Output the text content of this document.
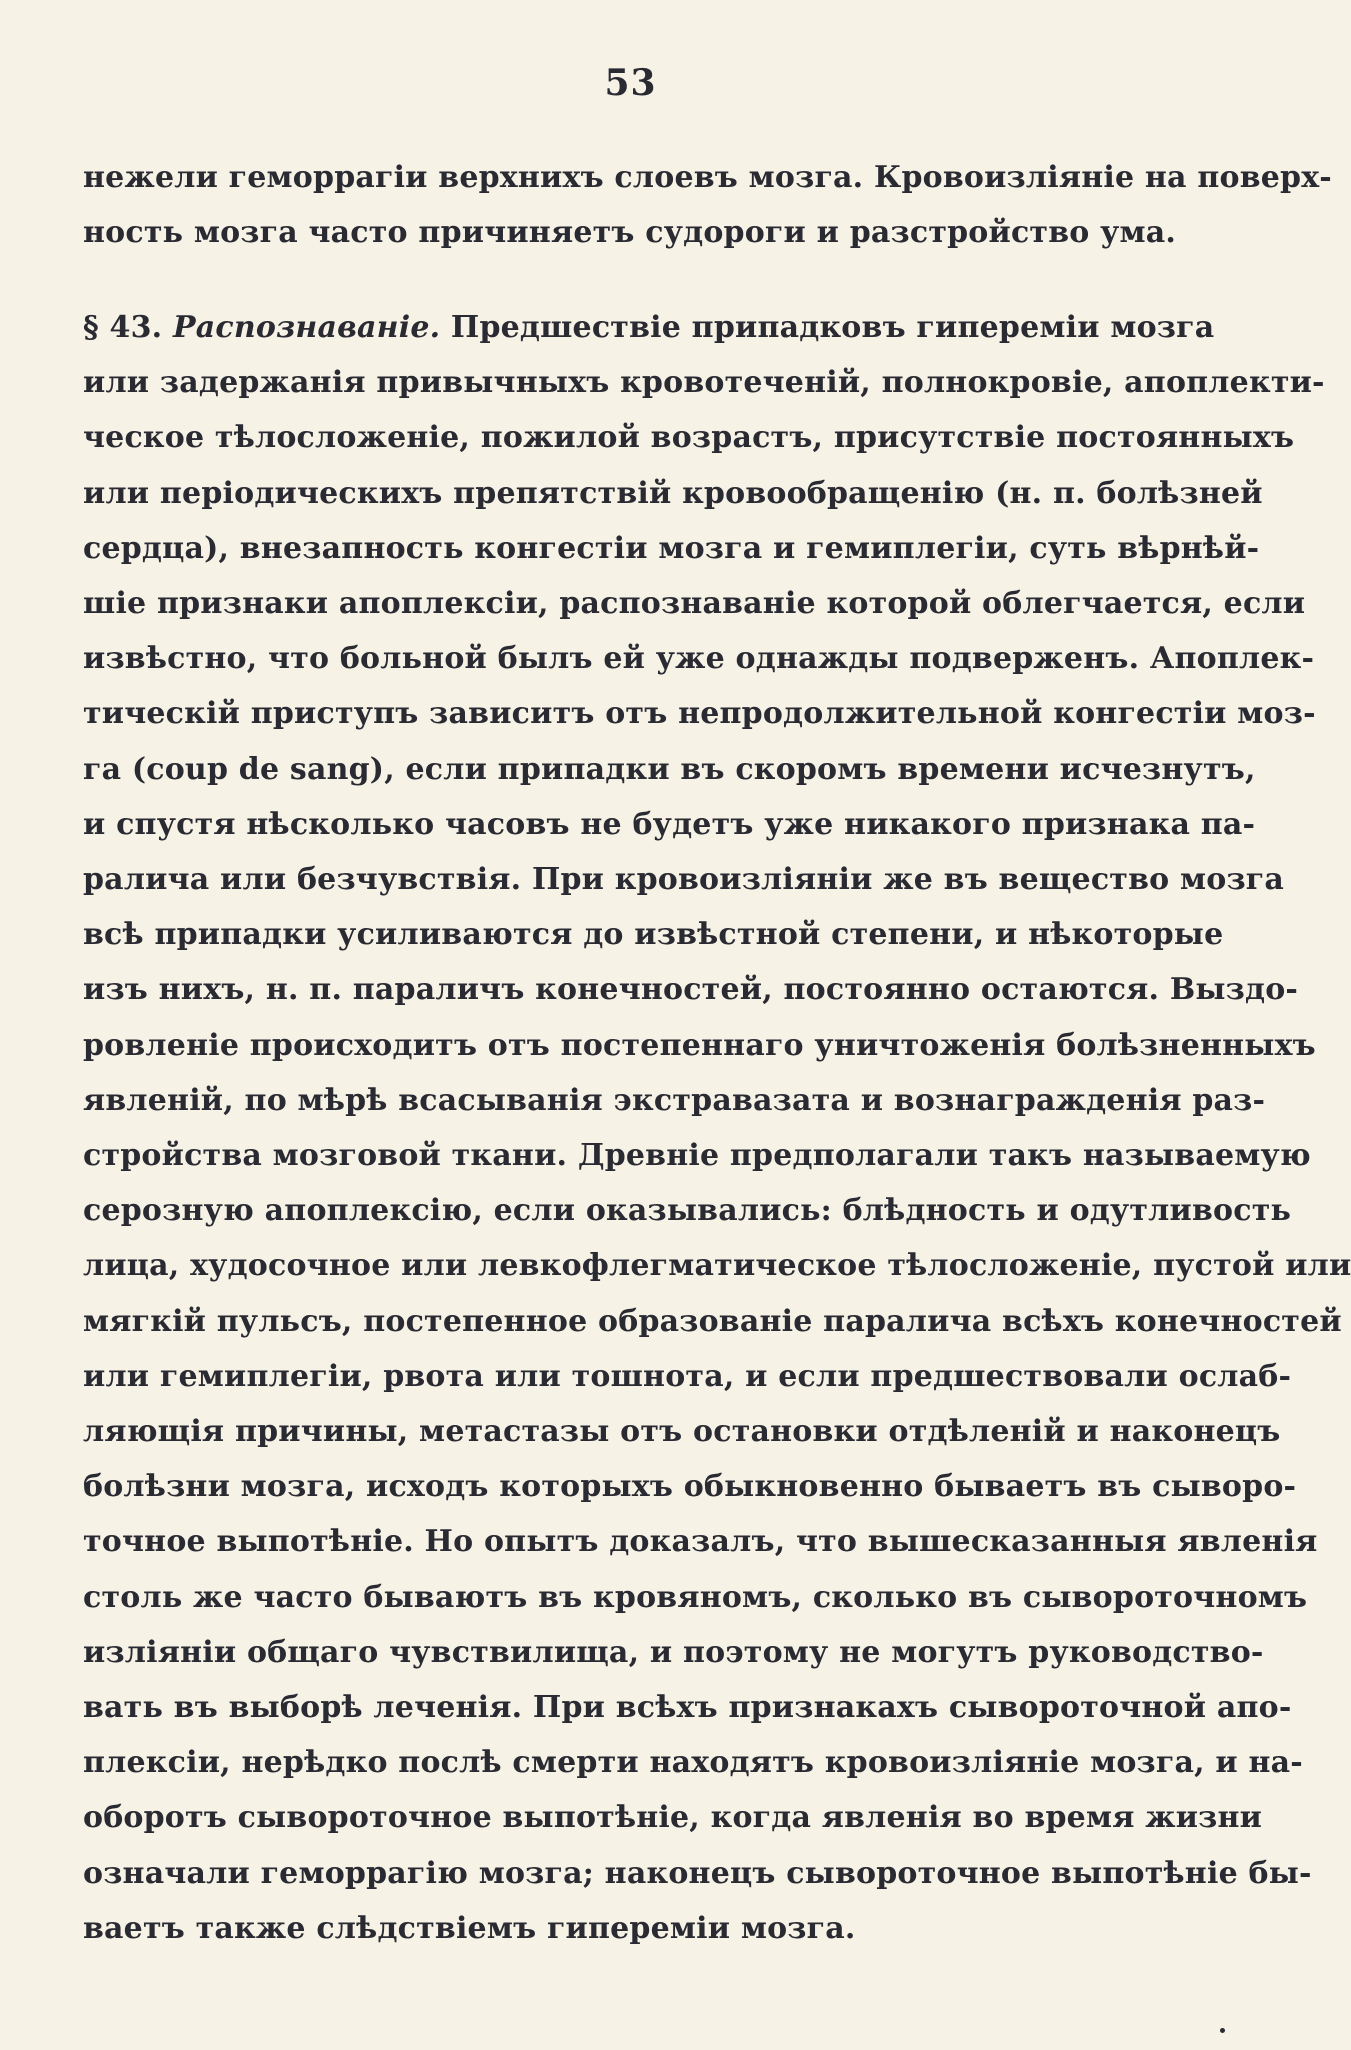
53
нежели геморрагіи верхнихъ слоевъ мозга. Кровоизліяніе на поверх-
ность мозга часто причиняетъ судороги и разстройство ума.
§ 43. Распознаваніе. Предшествіе припадковъ гипереміи мозга
или задержанія привычныхъ кровотеченій, полнокровіе, апоплекти-
ческое тѣлосложеніе, пожилой возрастъ, присутствіе постоянныхъ
или періодическихъ препятствій кровообращенію (н. п. болѣзней
сердца), внезапность конгестіи мозга и гемиплегіи, суть вѣрнѣй-
шіе признаки апоплексіи, распознаваніе которой облегчается, если
извѣстно, что больной былъ ей уже однажды подверженъ. Апоплек-
тическій приступъ зависитъ отъ непродолжительной конгестіи моз-
га (coup de sang), если припадки въ скоромъ времени исчезнутъ,
и спустя нѣсколько часовъ не будетъ уже никакого признака па-
ралича или безчувствія. При кровоизліяніи же въ вещество мозга
всѣ припадки усиливаются до извѣстной степени, и нѣкоторые
изъ нихъ, н. п. параличъ конечностей, постоянно остаются. Выздо-
ровленіе происходитъ отъ постепеннаго уничтоженія болѣзненныхъ
явленій, по мѣрѣ всасыванія экстравазата и вознагражденія раз-
стройства мозговой ткани. Древніе предполагали такъ называемую
серозную апоплексію, если оказывались: блѣдность и одутливость
лица, худосочное или левкофлегматическое тѣлосложеніе, пустой или
мягкій пульсъ, постепенное образованіе паралича всѣхъ конечностей
или гемиплегіи, рвота или тошнота, и если предшествовали ослаб-
ляющія причины, метастазы отъ остановки отдѣленій и наконецъ
болѣзни мозга, исходъ которыхъ обыкновенно бываетъ въ сыворо-
точное выпотѣніе. Но опытъ доказалъ, что вышесказанныя явленія
столь же часто бываютъ въ кровяномъ, сколько въ сывороточномъ
изліяніи общаго чувствилища, и поэтому не могутъ руководство-
вать въ выборѣ леченія. При всѣхъ признакахъ сывороточной апо-
плексіи, нерѣдко послѣ смерти находятъ кровоизліяніе мозга, и на-
оборотъ сывороточное выпотѣніе, когда явленія во время жизни
означали геморрагію мозга; наконецъ сывороточное выпотѣніе бы-
ваетъ также слѣдствіемъ гипереміи мозга.
